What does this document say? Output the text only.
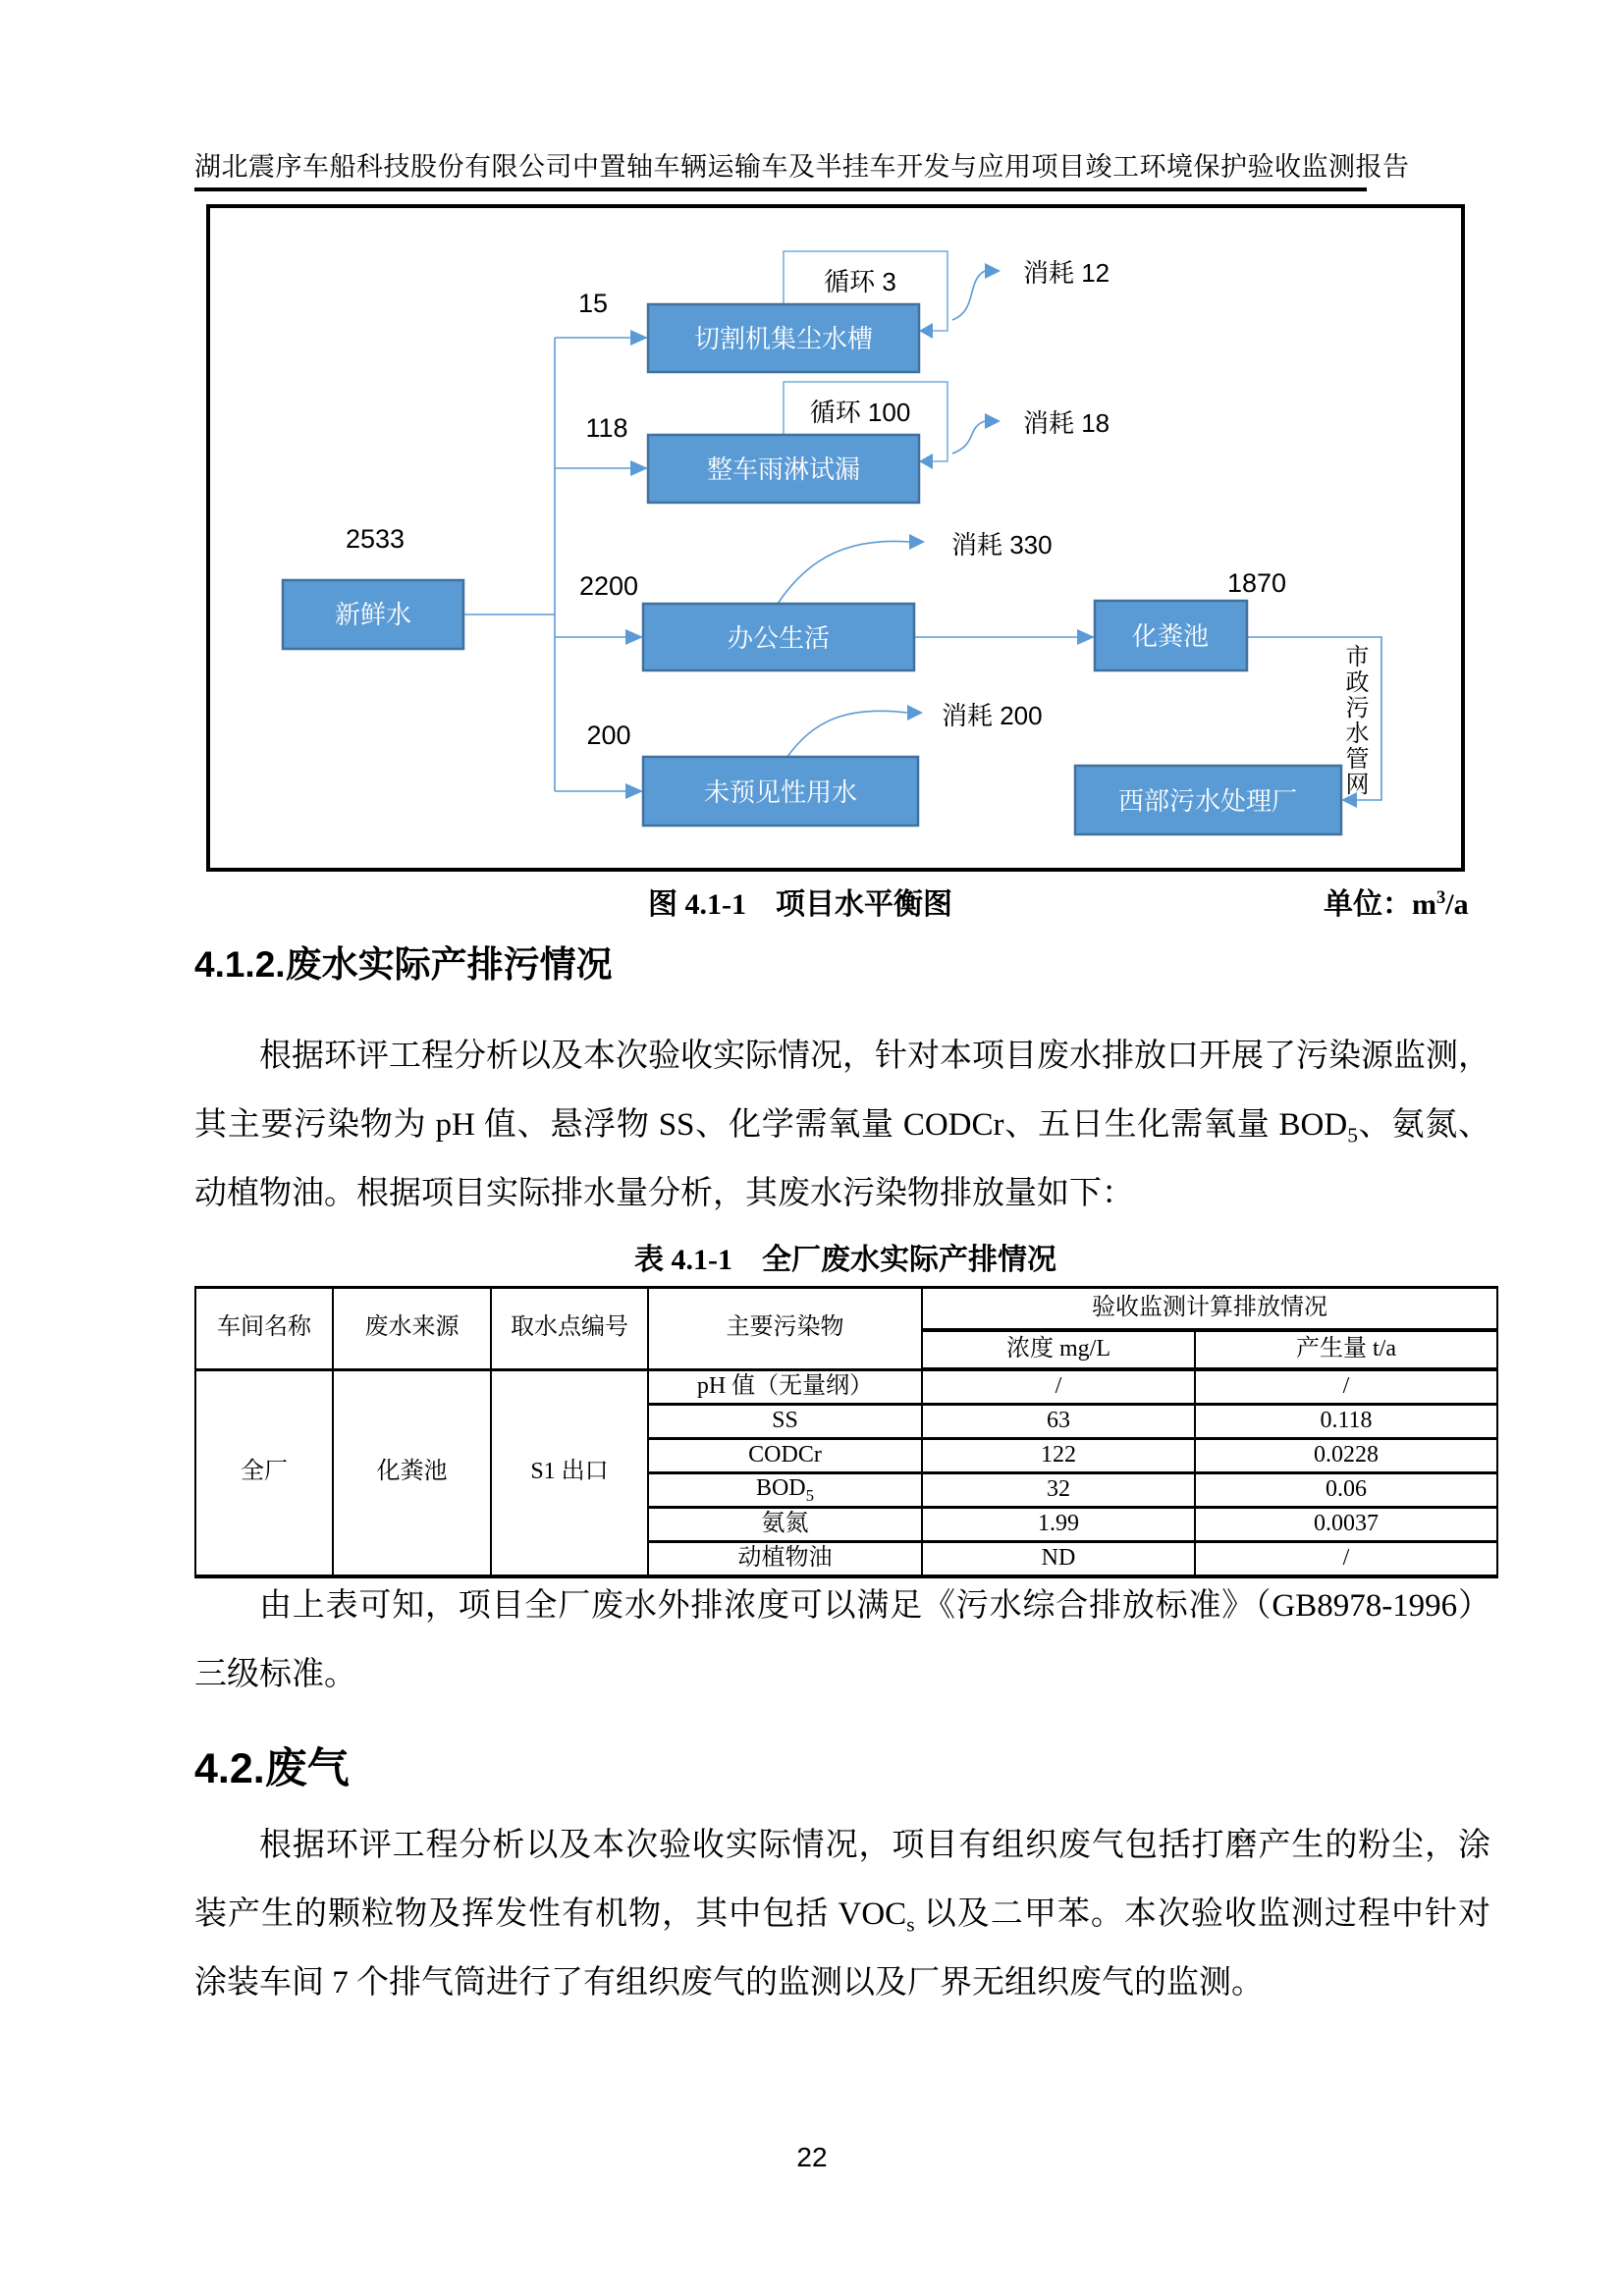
湖北震序车船科技股份有限公司中置轴车辆运输车及半挂车开发与应用项目竣工环境保护验收监测报告
新鲜水
切割机集尘水槽
整车雨淋试漏
办公生活
未预见性用水
化粪池
西部污水处理厂
2533
15
118
2200
200
1870
循环 3
循环 100
消耗 12
消耗 18
消耗 330
消耗 200	市政污水管网
图 4.1-1　项目水平衡图	单位：$m^3/a$
4.1.2.废水实际产排污情况
根据环评工程分析以及本次验收实际情况，针对本项目废水排放口开展了污染源监测，
其主要污染物为 pH 值、悬浮物 SS、化学需氧量 CODCr、五日生化需氧量 $BOD_5$、氨氮、
动植物油。根据项目实际排水量分析，其废水污染物排放量如下：
表 4.1-1　全厂废水实际产排情况
车间名称	废水来源	取水点编号	主要污染物	验收监测计算排放情况	
				浓度 mg/L	产生量 t/a
全厂	化粪池	S1 出口	pH 值（无量纲）	/	/
			SS	63	0.118
			CODCr	122	0.0228
			$BOD_5$	32	0.06
			氨氮	1.99	0.0037
			动植物油	ND	/
由上表可知，项目全厂废水外排浓度可以满足《污水综合排放标准》（GB8978-1996）
三级标准。
4.2.废气
根据环评工程分析以及本次验收实际情况，项目有组织废气包括打磨产生的粉尘，涂
装产生的颗粒物及挥发性有机物，其中包括 $VOC_s$ 以及二甲苯。本次验收监测过程中针对
涂装车间 7 个排气筒进行了有组织废气的监测以及厂界无组织废气的监测。
22
